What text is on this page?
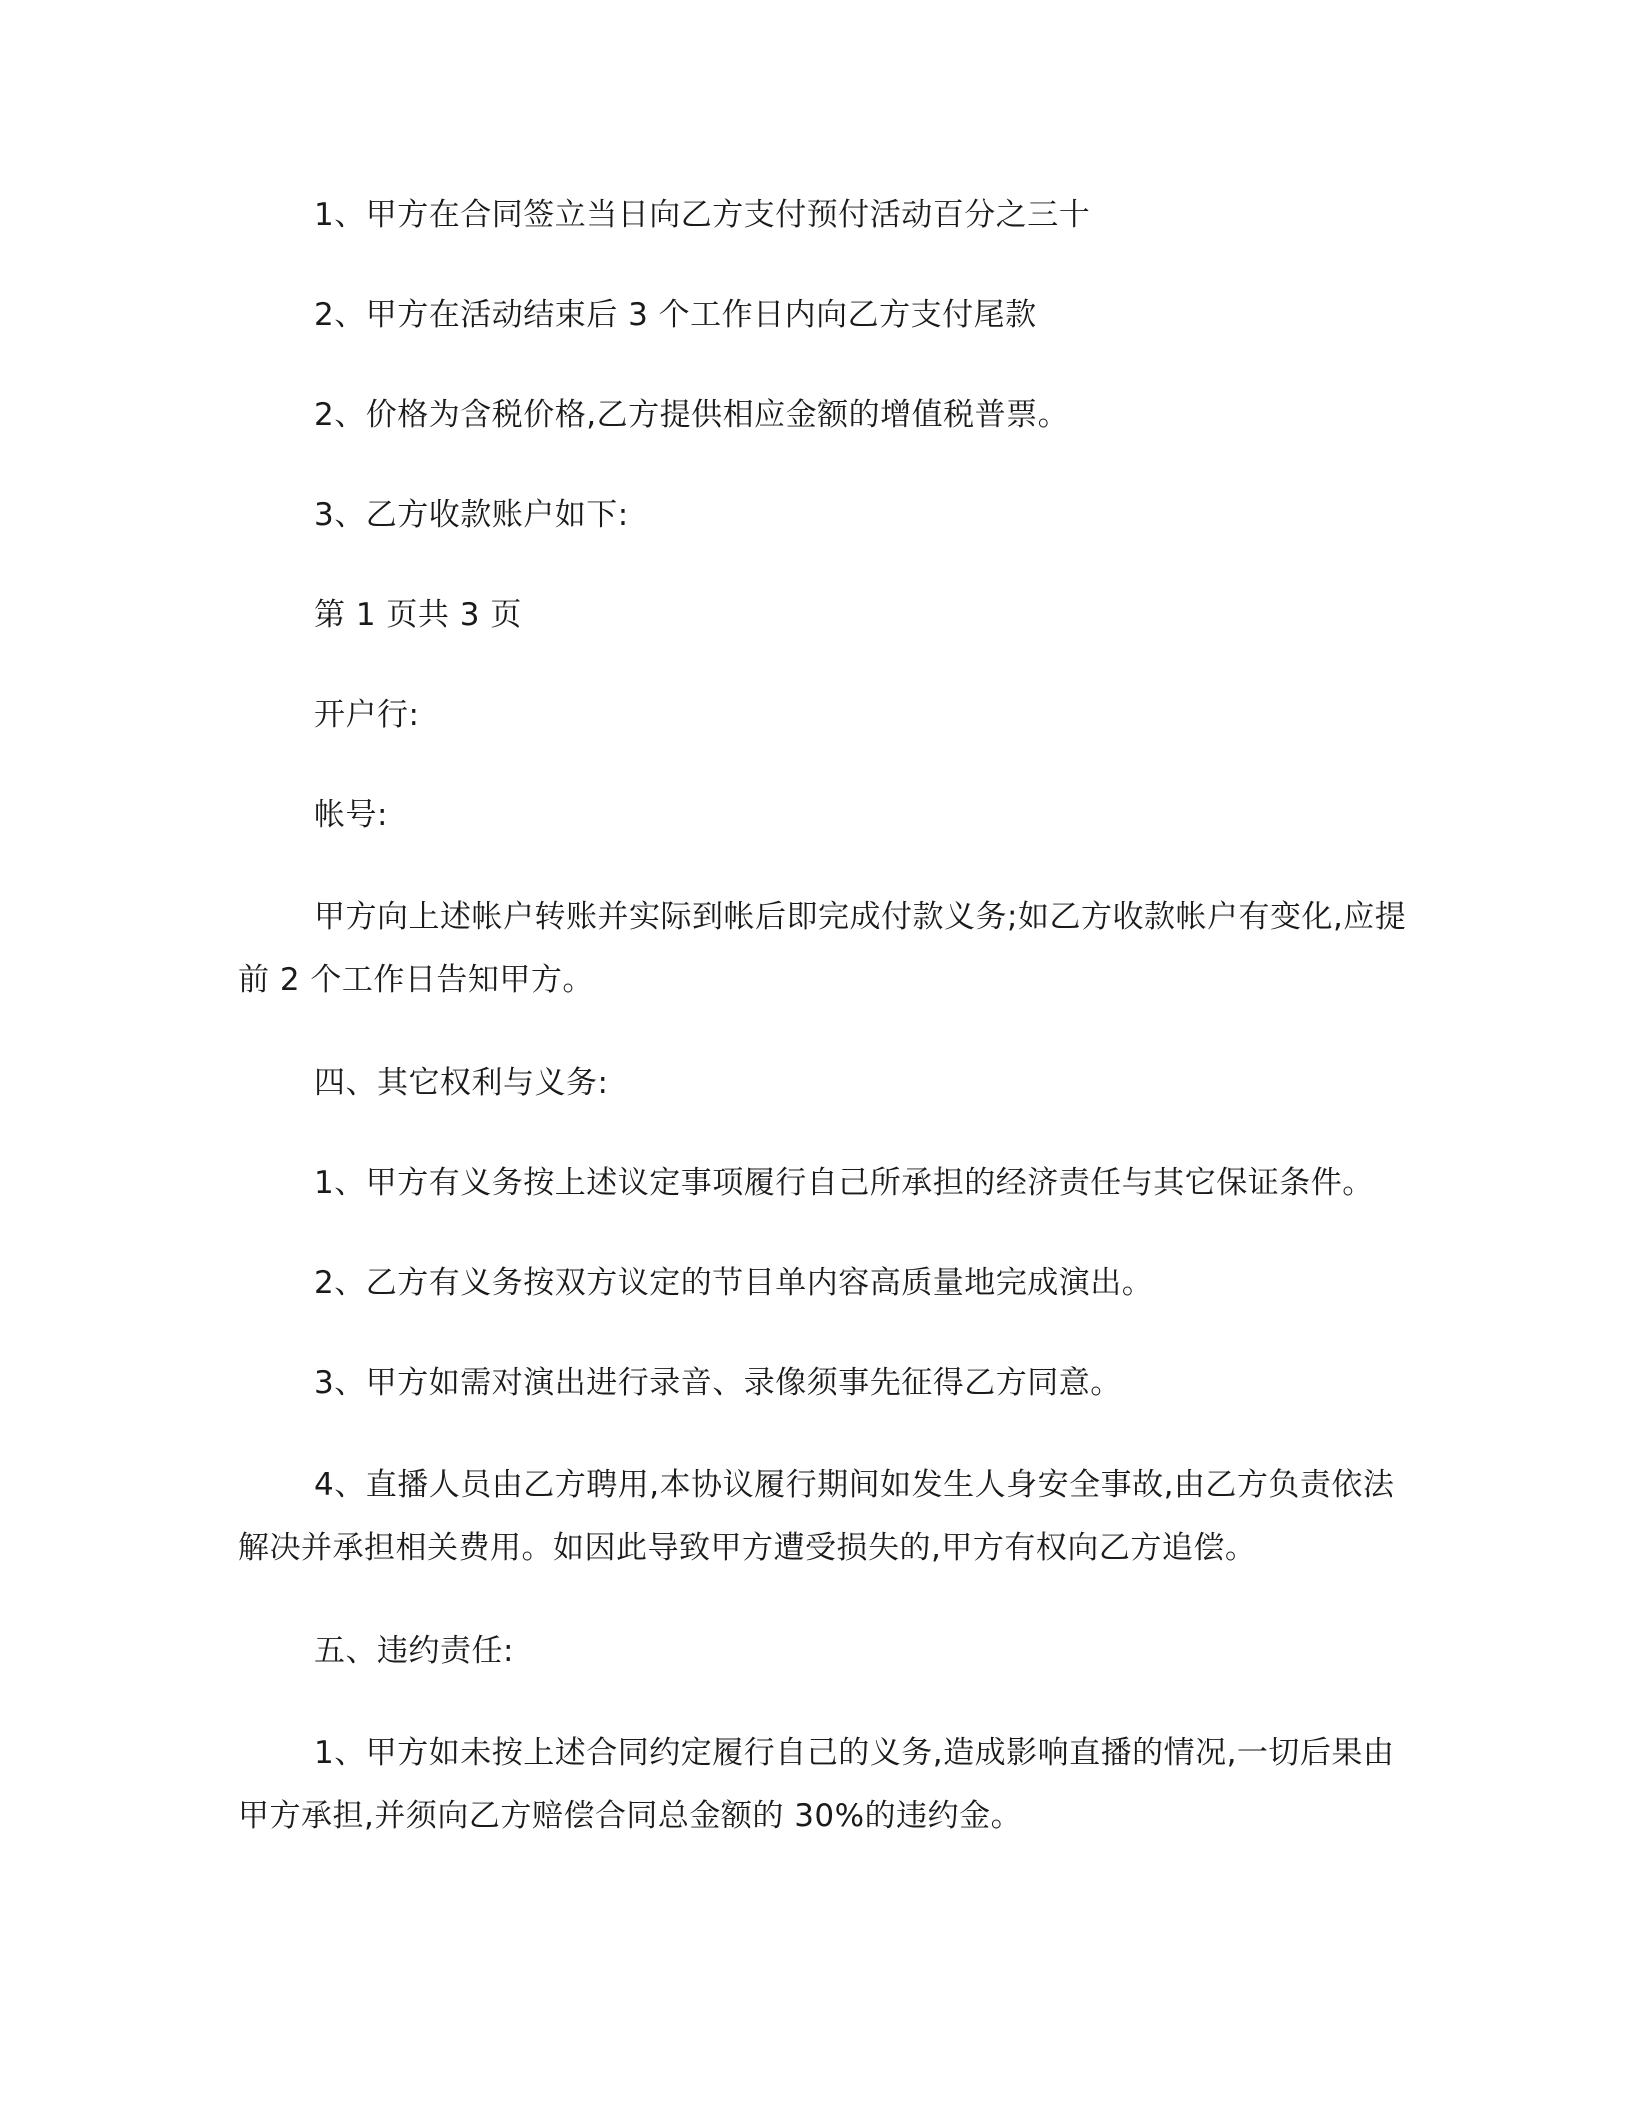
1、甲方在合同签立当日向乙方支付预付活动百分之三十

2、甲方在活动结束后 3 个工作日内向乙方支付尾款

2、价格为含税价格,乙方提供相应金额的增值税普票。

3、乙方收款账户如下:

第 1 页共 3 页

开户行:

帐号:

甲方向上述帐户转账并实际到帐后即完成付款义务;如乙方收款帐户有变化,应提前 2 个工作日告知甲方。

四、其它权利与义务:

1、甲方有义务按上述议定事项履行自己所承担的经济责任与其它保证条件。

2、乙方有义务按双方议定的节目单内容高质量地完成演出。

3、甲方如需对演出进行录音、录像须事先征得乙方同意。

4、直播人员由乙方聘用,本协议履行期间如发生人身安全事故,由乙方负责依法解决并承担相关费用。如因此导致甲方遭受损失的,甲方有权向乙方追偿。

五、违约责任:

1、甲方如未按上述合同约定履行自己的义务,造成影响直播的情况,一切后果由甲方承担,并须向乙方赔偿合同总金额的 30%的违约金。
